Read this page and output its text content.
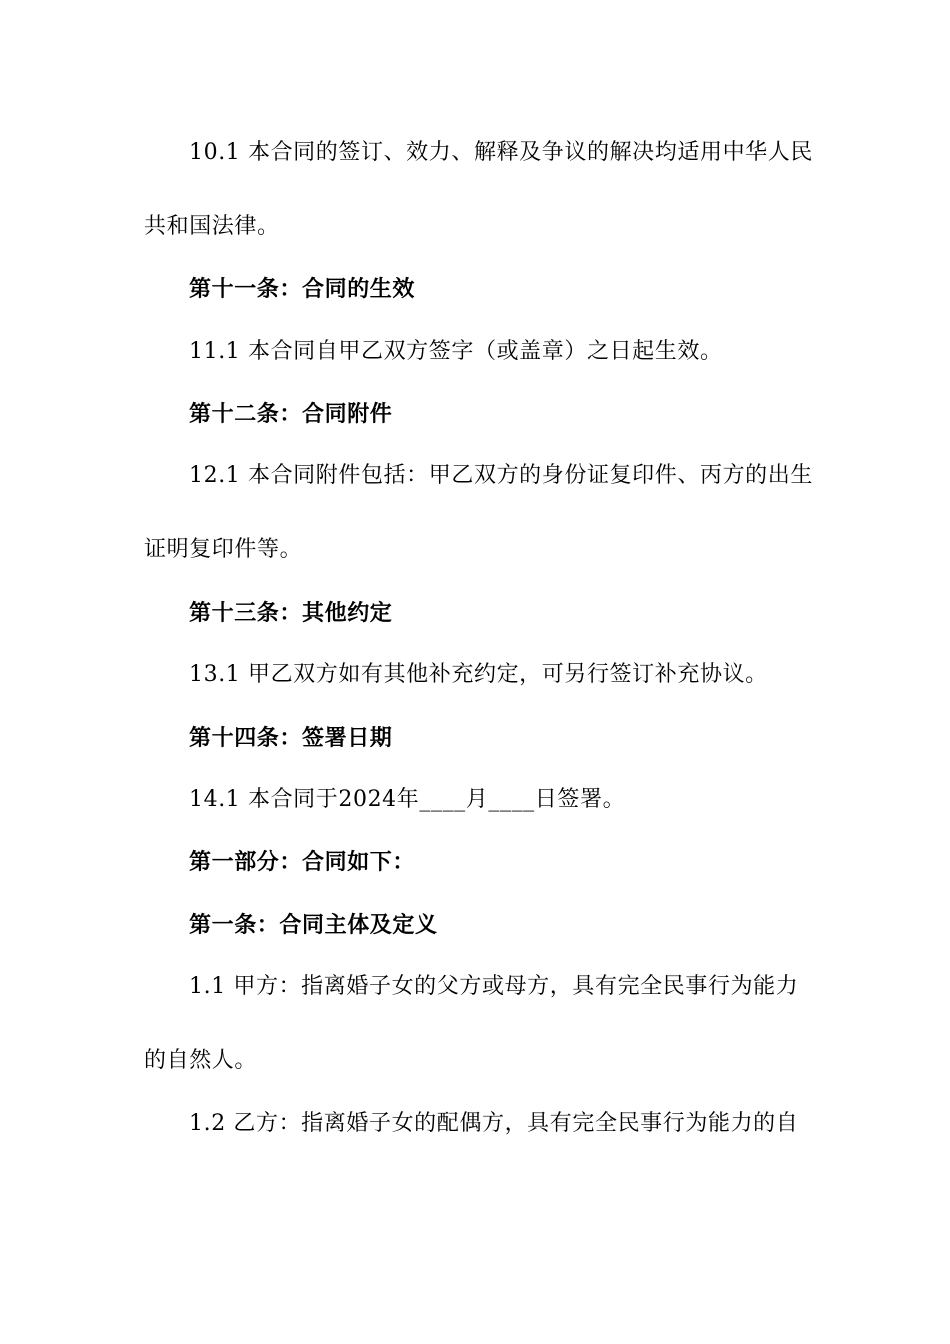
10.1 本合同的签订、效力、解释及争议的解决均适用中华人民
共和国法律。
第十一条：合同的生效
11.1 本合同自甲乙双方签字（或盖章）之日起生效。
第十二条：合同附件
12.1 本合同附件包括：甲乙双方的身份证复印件、丙方的出生
证明复印件等。
第十三条：其他约定
13.1 甲乙双方如有其他补充约定，可另行签订补充协议。
第十四条：签署日期
14.1 本合同于2024年____月____日签署。
第一部分：合同如下：
第一条：合同主体及定义
1.1 甲方：指离婚子女的父方或母方，具有完全民事行为能力
的自然人。
1.2 乙方：指离婚子女的配偶方，具有完全民事行为能力的自
